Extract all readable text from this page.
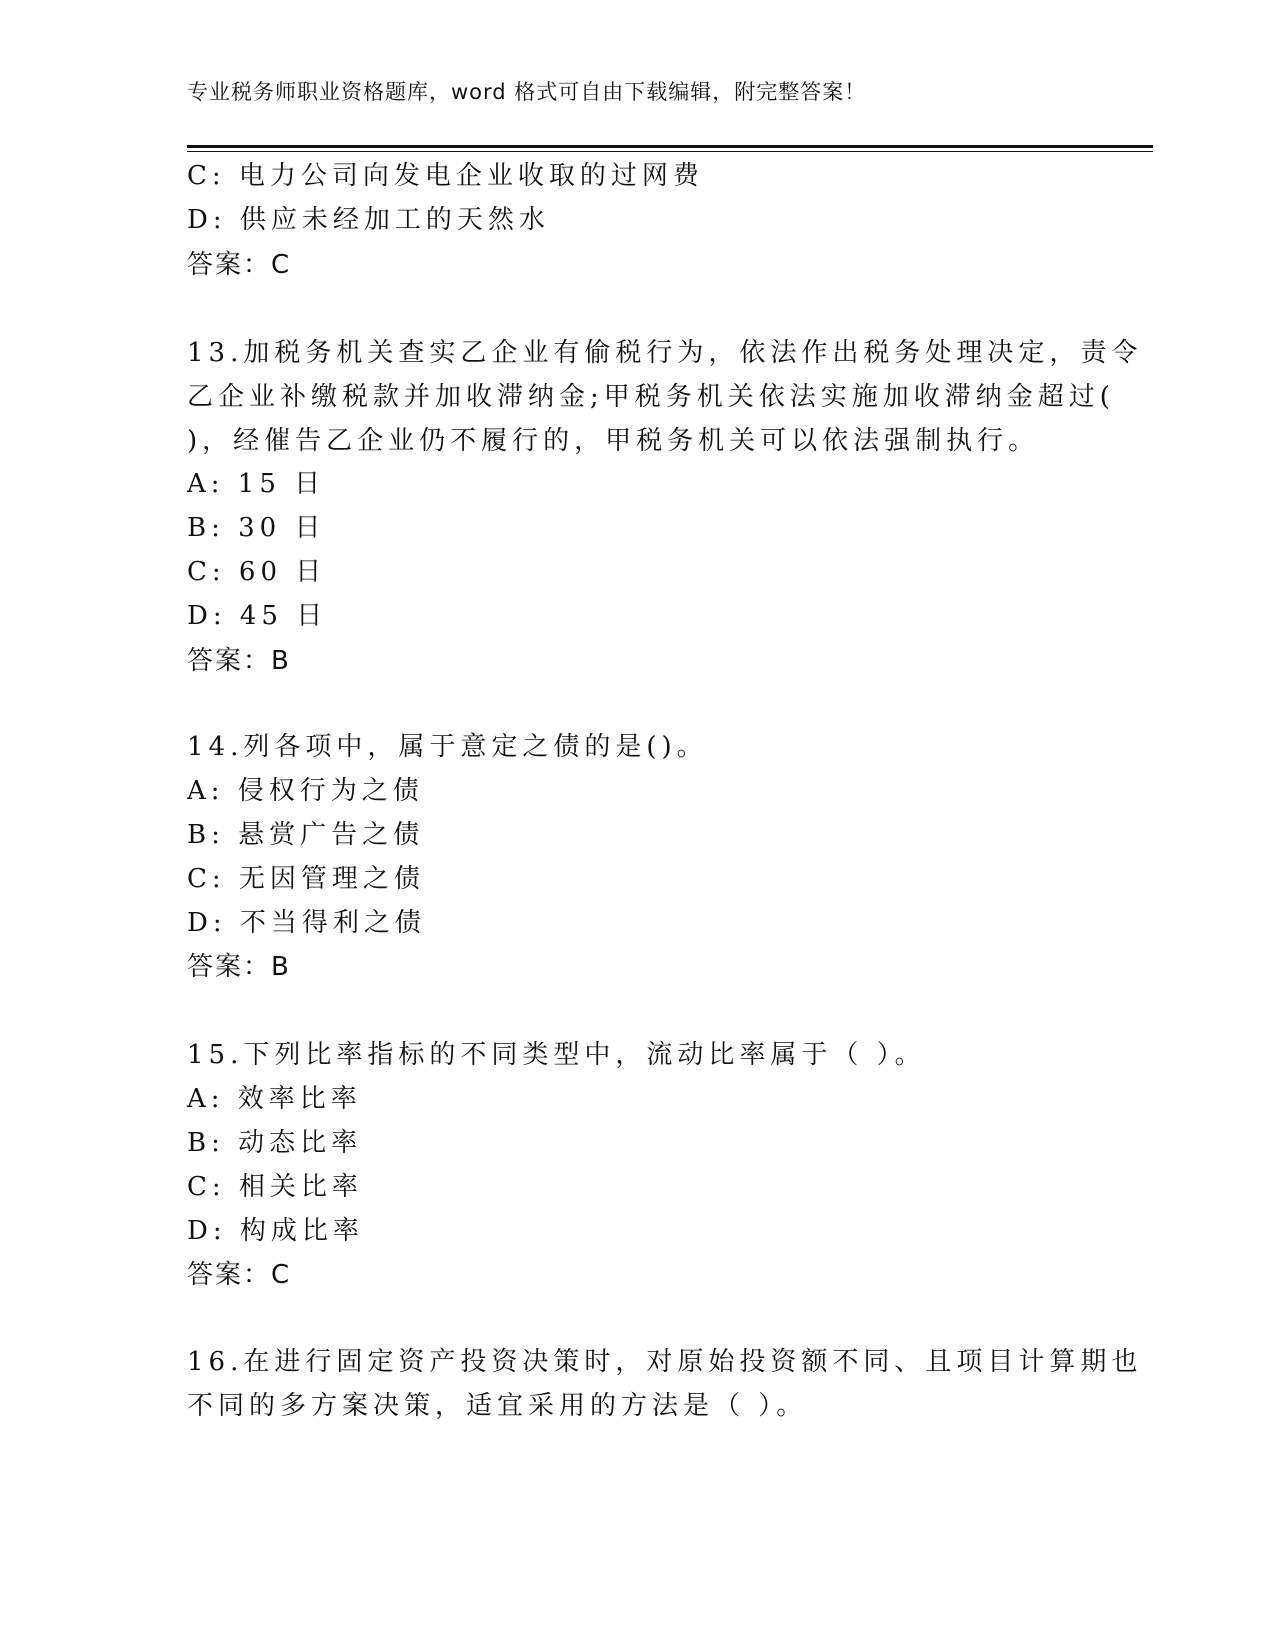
专业税务师职业资格题库，word 格式可自由下载编辑，附完整答案！
C: 电力公司向发电企业收取的过网费
D: 供应未经加工的天然水
答案：C
13.加税务机关查实乙企业有偷税行为，依法作出税务处理决定，责令
乙企业补缴税款并加收滞纳金;甲税务机关依法实施加收滞纳金超过(
)，经催告乙企业仍不履行的，甲税务机关可以依法强制执行。
A: 15 日
B: 30 日
C: 60 日
D: 45 日
答案：B
14.列各项中，属于意定之债的是()。
A: 侵权行为之债
B: 悬赏广告之债
C: 无因管理之债
D: 不当得利之债
答案：B
15.下列比率指标的不同类型中，流动比率属于（ ）。
A: 效率比率
B: 动态比率
C: 相关比率
D: 构成比率
答案：C
16.在进行固定资产投资决策时，对原始投资额不同、且项目计算期也
不同的多方案决策，适宜采用的方法是（ ）。
